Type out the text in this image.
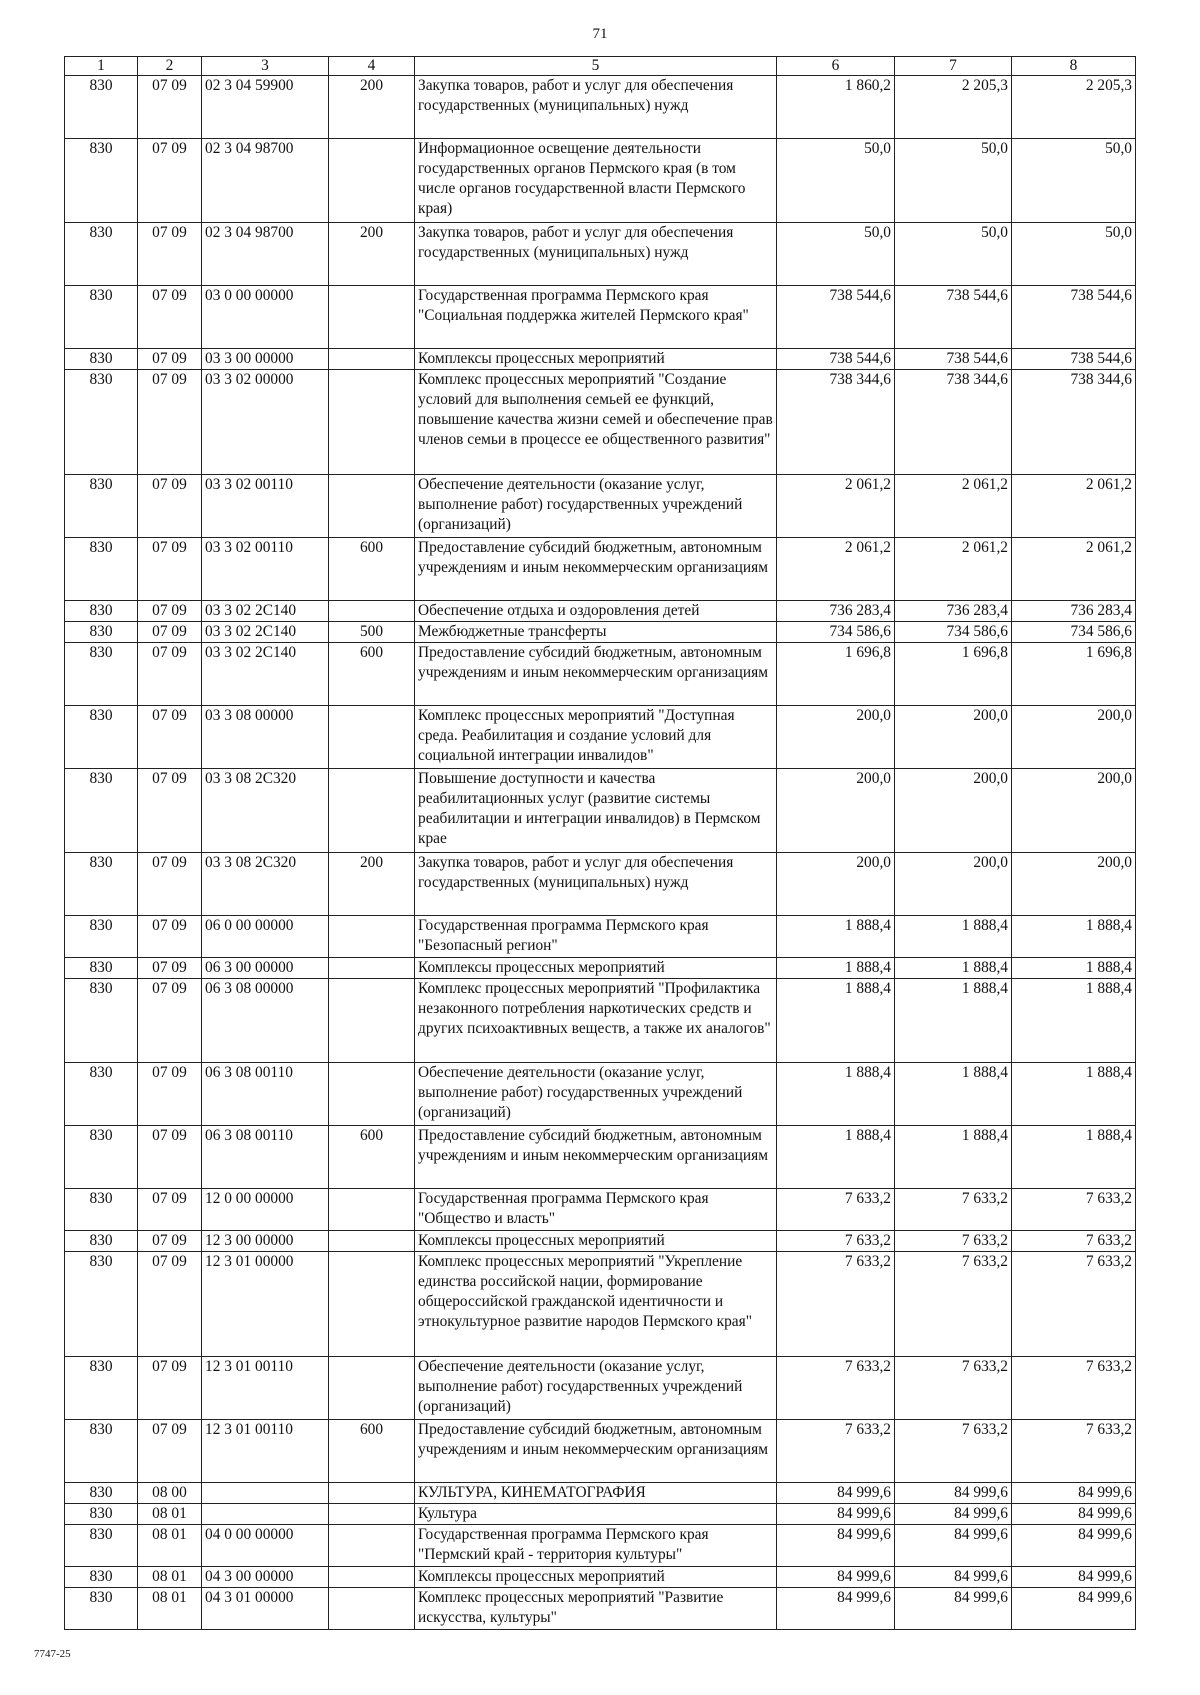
71
1	2	3	4	5	6	7	8
830	07 09	02 3 04 59900	200	Закупка товаров, работ и услуг для обеспечения государственных (муниципальных) нужд	1 860,2	2 205,3	2 205,3
830	07 09	02 3 04 98700		Информационное освещение деятельности государственных органов Пермского края (в том числе органов государственной власти Пермского края)	50,0	50,0	50,0
830	07 09	02 3 04 98700	200	Закупка товаров, работ и услуг для обеспечения государственных (муниципальных) нужд	50,0	50,0	50,0
830	07 09	03 0 00 00000		Государственная программа Пермского края "Социальная поддержка жителей Пермского края"	738 544,6	738 544,6	738 544,6
830	07 09	03 3 00 00000		Комплексы процессных мероприятий	738 544,6	738 544,6	738 544,6
830	07 09	03 3 02 00000		Комплекс процессных мероприятий "Создание условий для выполнения семьей ее функций, повышение качества жизни семей и обеспечение прав членов семьи в процессе ее общественного развития"	738 344,6	738 344,6	738 344,6
830	07 09	03 3 02 00110		Обеспечение деятельности (оказание услуг, выполнение работ) государственных учреждений (организаций)	2 061,2	2 061,2	2 061,2
830	07 09	03 3 02 00110	600	Предоставление субсидий бюджетным, автономным учреждениям и иным некоммерческим организациям	2 061,2	2 061,2	2 061,2
830	07 09	03 3 02 2С140		Обеспечение отдыха и оздоровления детей	736 283,4	736 283,4	736 283,4
830	07 09	03 3 02 2С140	500	Межбюджетные трансферты	734 586,6	734 586,6	734 586,6
830	07 09	03 3 02 2С140	600	Предоставление субсидий бюджетным, автономным учреждениям и иным некоммерческим организациям	1 696,8	1 696,8	1 696,8
830	07 09	03 3 08 00000		Комплекс процессных мероприятий "Доступная среда. Реабилитация и создание условий для социальной интеграции инвалидов"	200,0	200,0	200,0
830	07 09	03 3 08 2С320		Повышение доступности и качества реабилитационных услуг (развитие системы реабилитации и интеграции инвалидов) в Пермском крае	200,0	200,0	200,0
830	07 09	03 3 08 2С320	200	Закупка товаров, работ и услуг для обеспечения государственных (муниципальных) нужд	200,0	200,0	200,0
830	07 09	06 0 00 00000		Государственная программа Пермского края "Безопасный регион"	1 888,4	1 888,4	1 888,4
830	07 09	06 3 00 00000		Комплексы процессных мероприятий	1 888,4	1 888,4	1 888,4
830	07 09	06 3 08 00000		Комплекс процессных мероприятий "Профилактика незаконного потребления наркотических средств и других психоактивных веществ, а также их аналогов"	1 888,4	1 888,4	1 888,4
830	07 09	06 3 08 00110		Обеспечение деятельности (оказание услуг, выполнение работ) государственных учреждений (организаций)	1 888,4	1 888,4	1 888,4
830	07 09	06 3 08 00110	600	Предоставление субсидий бюджетным, автономным учреждениям и иным некоммерческим организациям	1 888,4	1 888,4	1 888,4
830	07 09	12 0 00 00000		Государственная программа Пермского края "Общество и власть"	7 633,2	7 633,2	7 633,2
830	07 09	12 3 00 00000		Комплексы процессных мероприятий	7 633,2	7 633,2	7 633,2
830	07 09	12 3 01 00000		Комплекс процессных мероприятий "Укрепление единства российской нации, формирование общероссийской гражданской идентичности и этнокультурное развитие народов Пермского края"	7 633,2	7 633,2	7 633,2
830	07 09	12 3 01 00110		Обеспечение деятельности (оказание услуг, выполнение работ) государственных учреждений (организаций)	7 633,2	7 633,2	7 633,2
830	07 09	12 3 01 00110	600	Предоставление субсидий бюджетным, автономным учреждениям и иным некоммерческим организациям	7 633,2	7 633,2	7 633,2
830	08 00			КУЛЬТУРА, КИНЕМАТОГРАФИЯ	84 999,6	84 999,6	84 999,6
830	08 01			Культура	84 999,6	84 999,6	84 999,6
830	08 01	04 0 00 00000		Государственная программа Пермского края "Пермский край - территория культуры"	84 999,6	84 999,6	84 999,6
830	08 01	04 3 00 00000		Комплексы процессных мероприятий	84 999,6	84 999,6	84 999,6
830	08 01	04 3 01 00000		Комплекс процессных мероприятий "Развитие искусства, культуры"	84 999,6	84 999,6	84 999,6
7747-25
